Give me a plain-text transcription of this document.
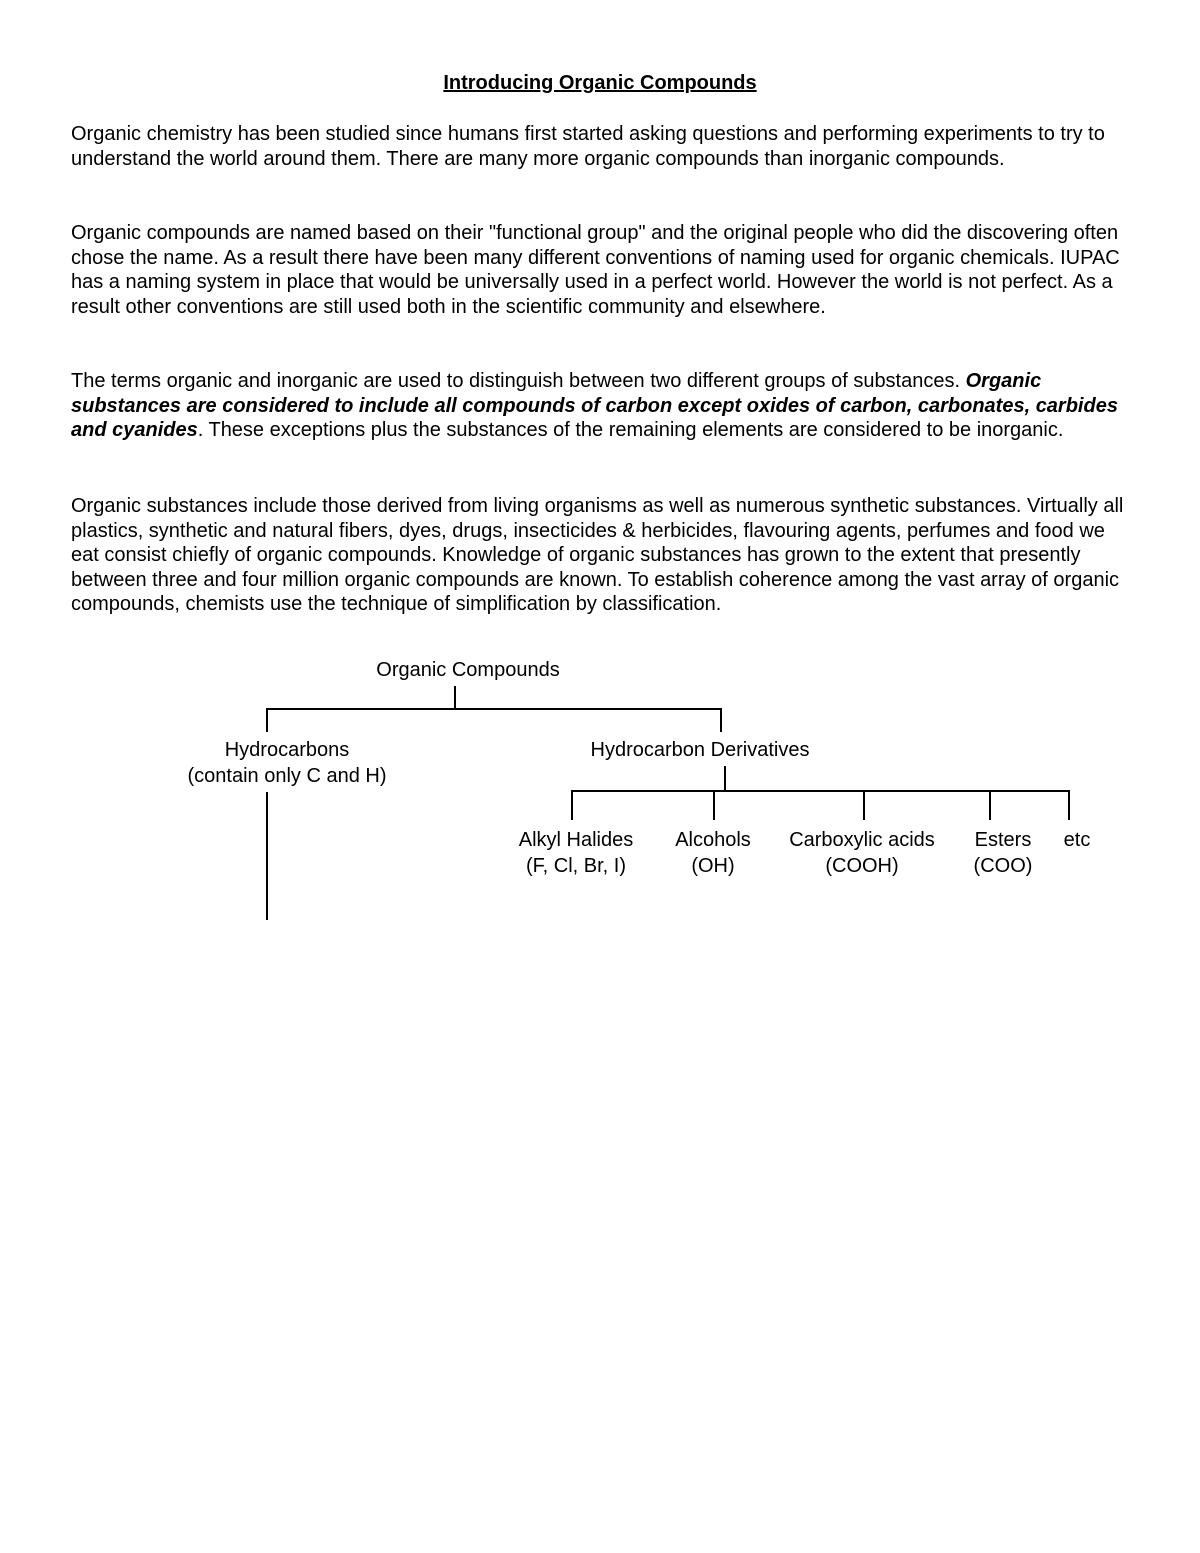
Introducing Organic Compounds

Organic chemistry has been studied since humans first started asking questions and performing experiments to try to understand the world around them. There are many more organic compounds than inorganic compounds.

Organic compounds are named based on their "functional group" and the original people who did the discovering often chose the name. As a result there have been many different conventions of naming used for organic chemicals. IUPAC has a naming system in place that would be universally used in a perfect world. However the world is not perfect. As a result other conventions are still used both in the scientific community and elsewhere.

The terms organic and inorganic are used to distinguish between two different groups of substances. Organic substances are considered to include all compounds of carbon except oxides of carbon, carbonates, carbides and cyanides. These exceptions plus the substances of the remaining elements are considered to be inorganic.

Organic substances include those derived from living organisms as well as numerous synthetic substances. Virtually all plastics, synthetic and natural fibers, dyes, drugs, insecticides & herbicides, flavouring agents, perfumes and food we eat consist chiefly of organic compounds. Knowledge of organic substances has grown to the extent that presently between three and four million organic compounds are known. To establish coherence among the vast array of organic compounds, chemists use the technique of simplification by classification.

Organic Compounds
Hydrocarbons
(contain only C and H)
Hydrocarbon Derivatives
Alkyl Halides
(F, Cl, Br, I)
Alcohols
(OH)
Carboxylic acids
(COOH)
Esters
(COO)
etc
